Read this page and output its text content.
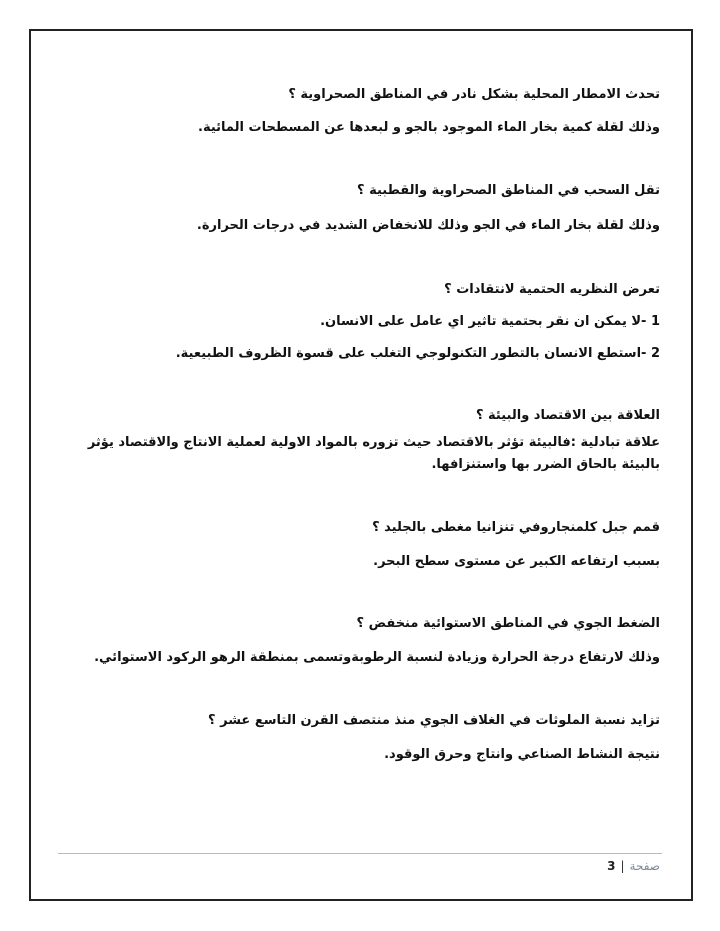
تحدث الامطار المحلية بشكل نادر في المناطق الصحراوية ؟

وذلك لقلة كمية بخار الماء الموجود بالجو و لبعدها عن المسطحات المائية.

تقل السحب في المناطق الصحراوية والقطبية ؟

وذلك لقلة بخار الماء في الجو وذلك للانخفاض الشديد في درجات الحرارة.

تعرض النظريه الحتمية لانتقادات ؟

1 -لا يمكن ان نقر بحتمية تاثير اي عامل على الانسان.

2 -استطع الانسان بالتطور التكنولوجي التغلب على قسوة الظروف الطبيعية.

العلاقة بين الاقتصاد والبيئة ؟

علاقة تبادلية :فالبيئة تؤثر بالاقتصاد حيث تزوره بالمواد الاولية لعملية الانتاج والاقتصاد يؤثر بالبيئة بالحاق الضرر بها واستنزافها.

قمم جبل كلمنجاروفي تنزانيا مغطى بالجليد ؟

بسبب ارتفاعه الكبير عن مستوى سطح البحر.

الضغط الجوي في المناطق الاستوائية منخفض ؟

وذلك لارتفاع درجة الحرارة وزيادة لنسبة الرطوبةوتسمى بمنطقة الرهو الركود الاستوائي.

تزايد نسبة الملوثات في الغلاف الجوي منذ منتصف القرن التاسع عشر ؟

نتيجة النشاط الصناعي وانتاج وحرق الوقود.

صفحة|3
